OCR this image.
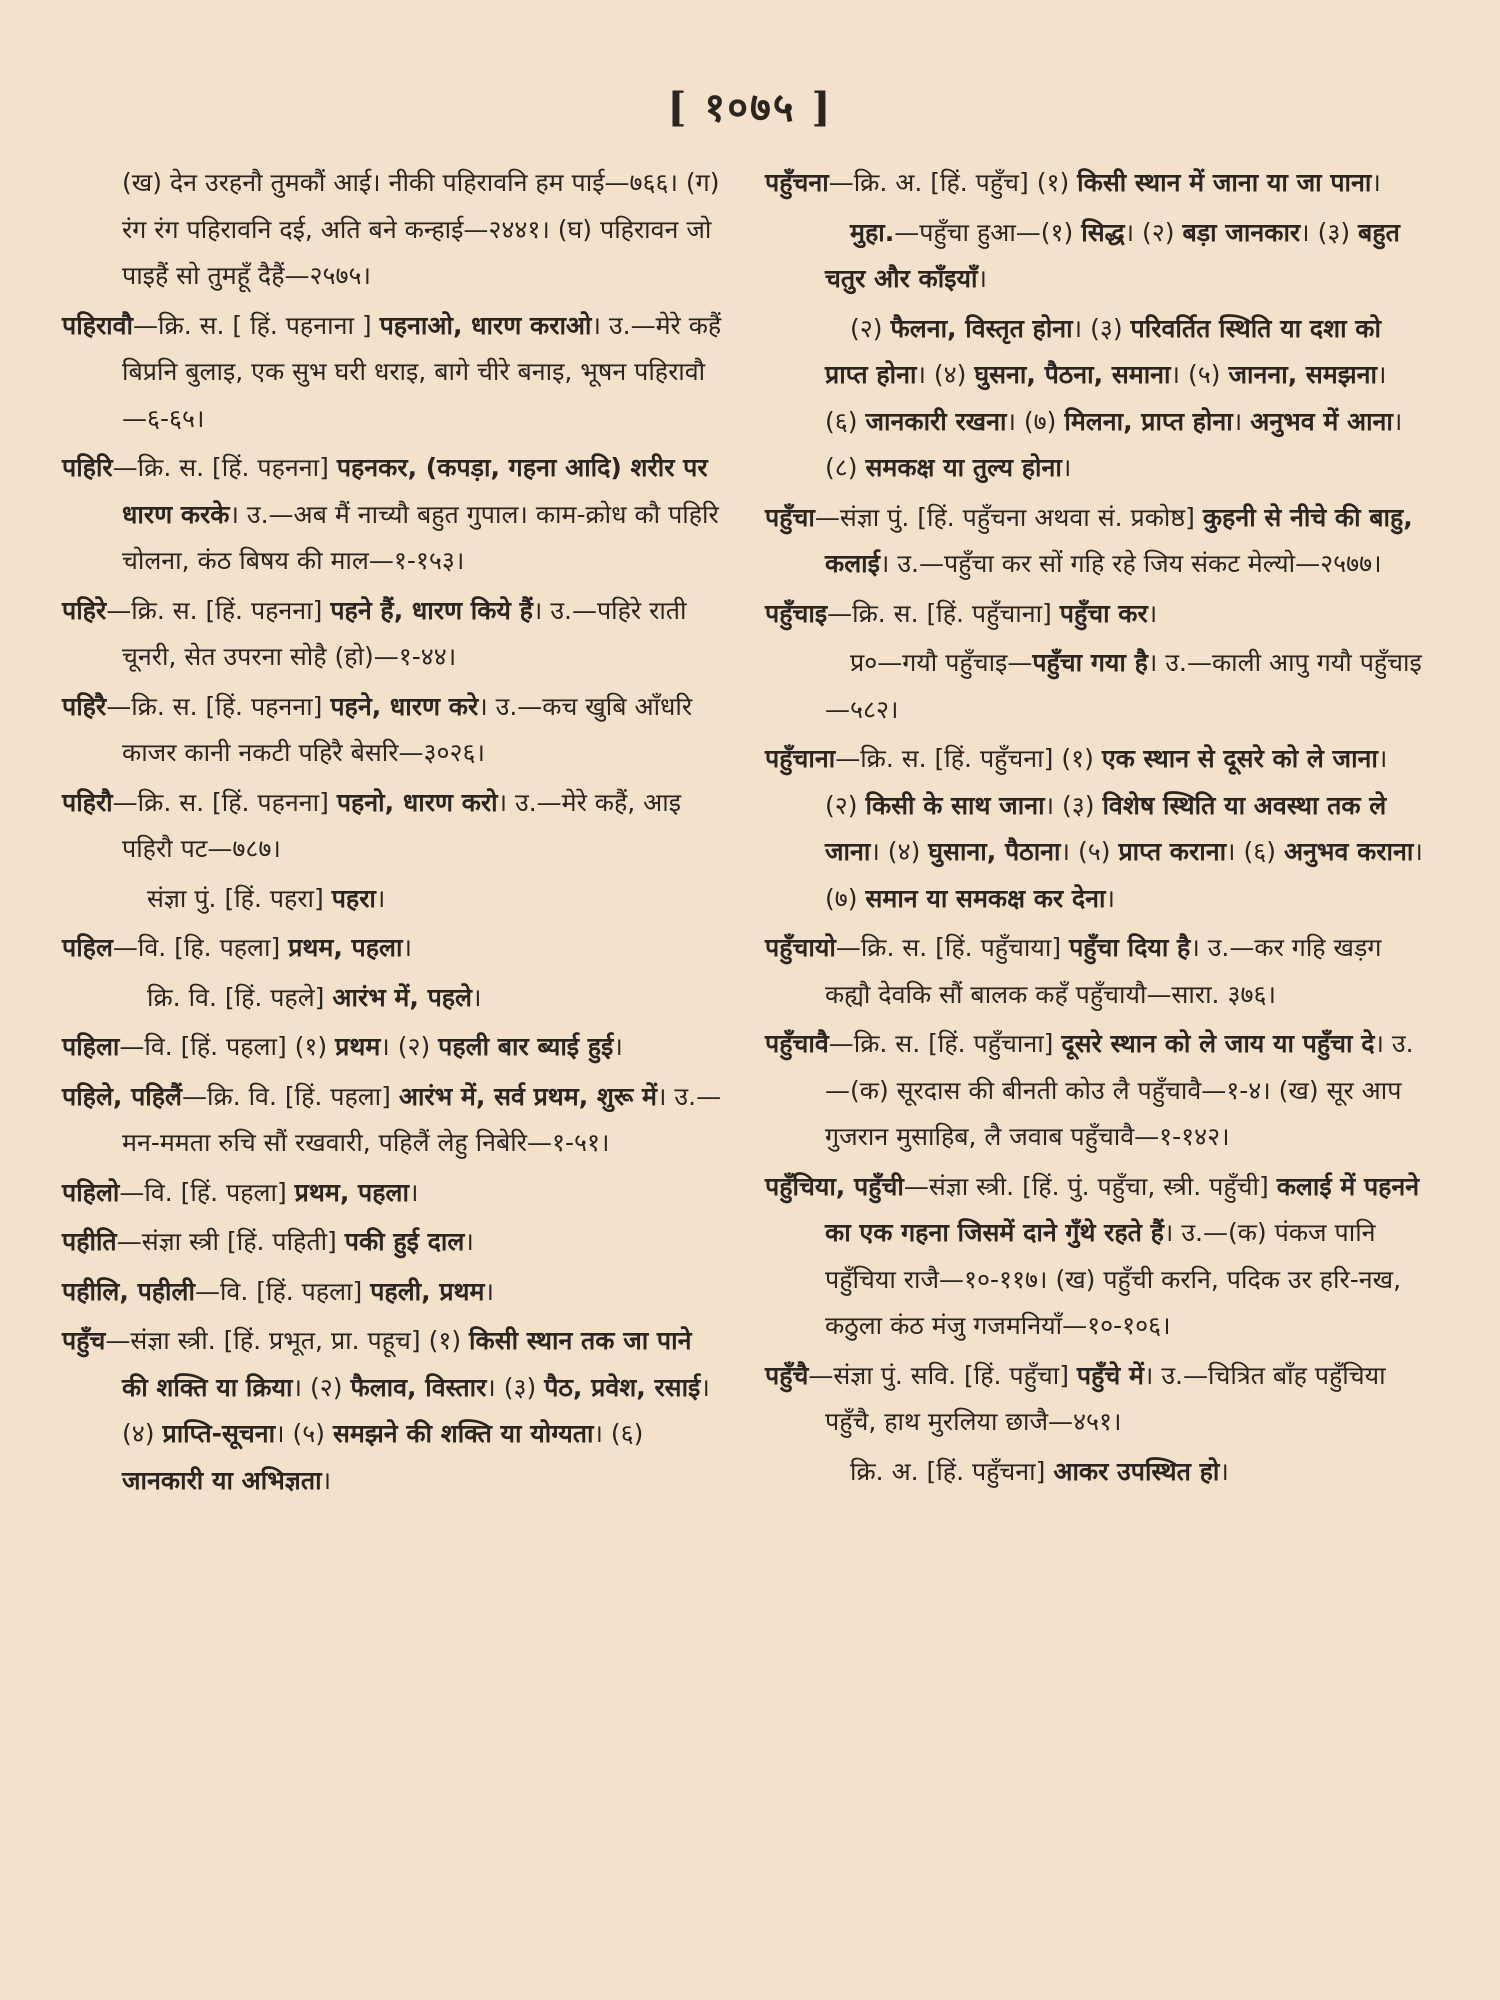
[ १०७५ ]

(ख) देन उरहनौ तुमकौं आई। नीकी पहिरावनि हम पाई—७६६। (ग) रंग रंग पहिरावनि दई, अति बने कन्हाई—२४४१। (घ) पहिरावन जो पाइहैं सो तुमहूँ दैहैं—२५७५।

पहिरावौ—क्रि. स. [ हिं. पहनाना ] पहनाओ, धारण कराओ। उ.—मेरे कहैं बिप्रनि बुलाइ, एक सुभ घरी धराइ, बागे चीरे बनाइ, भूषन पहिरावौ—६-६५।

पहिरि—क्रि. स. [हिं. पहनना] पहनकर, (कपड़ा, गहना आदि) शरीर पर धारण करके। उ.—अब मैं नाच्यौ बहुत गुपाल। काम-क्रोध कौ पहिरि चोलना, कंठ बिषय की माल—१-१५३।

पहिरे—क्रि. स. [हिं. पहनना] पहने हैं, धारण किये हैं। उ.—पहिरे राती चूनरी, सेत उपरना सोहै (हो)—१-४४।

पहिरै—क्रि. स. [हिं. पहनना] पहने, धारण करे। उ.—कच खुबि आँधरि काजर कानी नकटी पहिरै बेसरि—३०२६।

पहिरौ—क्रि. स. [हिं. पहनना] पहनो, धारण करो। उ.—मेरे कहैं, आइ पहिरौ पट—७८७।

संज्ञा पुं. [हिं. पहरा] पहरा।

पहिल—वि. [हि. पहला] प्रथम, पहला।

क्रि. वि. [हिं. पहले] आरंभ में, पहले।

पहिला—वि. [हिं. पहला] (१) प्रथम। (२) पहली बार ब्याई हुई।

पहिले, पहिलैं—क्रि. वि. [हिं. पहला] आरंभ में, सर्व प्रथम, शुरू में। उ.—मन-ममता रुचि सौं रखवारी, पहिलैं लेहु निबेरि—१-५१।

पहिलो—वि. [हिं. पहला] प्रथम, पहला।

पहीति—संज्ञा स्त्री [हिं. पहिती] पकी हुई दाल।

पहीलि, पहीली—वि. [हिं. पहला] पहली, प्रथम।

पहुँच—संज्ञा स्त्री. [हिं. प्रभूत, प्रा. पहूच] (१) किसी स्थान तक जा पाने की शक्ति या क्रिया। (२) फैलाव, विस्तार। (३) पैठ, प्रवेश, रसाई। (४) प्राप्ति-सूचना। (५) समझने की शक्ति या योग्यता। (६) जानकारी या अभिज्ञता।

पहुँचना—क्रि. अ. [हिं. पहुँच] (१) किसी स्थान में जाना या जा पाना।

मुहा.—पहुँचा हुआ—(१) सिद्ध। (२) बड़ा जानकार। (३) बहुत चतुर और काँइयाँ।

(२) फैलना, विस्तृत होना। (३) परिवर्तित स्थिति या दशा को प्राप्त होना। (४) घुसना, पैठना, समाना। (५) जानना, समझना। (६) जानकारी रखना। (७) मिलना, प्राप्त होना। अनुभव में आना। (८) समकक्ष या तुल्य होना।

पहुँचा—संज्ञा पुं. [हिं. पहुँचना अथवा सं. प्रकोष्ठ] कुहनी से नीचे की बाहु, कलाई। उ.—पहुँचा कर सों गहि रहे जिय संकट मेल्यो—२५७७।

पहुँचाइ—क्रि. स. [हिं. पहुँचाना] पहुँचा कर।

प्र०—गयौ पहुँचाइ—पहुँचा गया है। उ.—काली आपु गयौ पहुँचाइ—५८२।

पहुँचाना—क्रि. स. [हिं. पहुँचना] (१) एक स्थान से दूसरे को ले जाना। (२) किसी के साथ जाना। (३) विशेष स्थिति या अवस्था तक ले जाना। (४) घुसाना, पैठाना। (५) प्राप्त कराना। (६) अनुभव कराना। (७) समान या समकक्ष कर देना।

पहुँचायो—क्रि. स. [हिं. पहुँचाया] पहुँचा दिया है। उ.—कर गहि खड़ग कह्यौ देवकि सौं बालक कहँ पहुँचायौ—सारा. ३७६।

पहुँचावै—क्रि. स. [हिं. पहुँचाना] दूसरे स्थान को ले जाय या पहुँचा दे। उ.—(क) सूरदास की बीनती कोउ लै पहुँचावै—१-४। (ख) सूर आप गुजरान मुसाहिब, लै जवाब पहुँचावै—१-१४२।

पहुँचिया, पहुँची—संज्ञा स्त्री. [हिं. पुं. पहुँचा, स्त्री. पहुँची] कलाई में पहनने का एक गहना जिसमें दाने गुँथे रहते हैं। उ.—(क) पंकज पानि पहुँचिया राजै—१०-११७। (ख) पहुँची करनि, पदिक उर हरि-नख, कठुला कंठ मंजु गजमनियाँ—१०-१०६।

पहुँचै—संज्ञा पुं. सवि. [हिं. पहुँचा] पहुँचे में। उ.—चित्रित बाँह पहुँचिया पहुँचै, हाथ मुरलिया छाजै—४५१।

क्रि. अ. [हिं. पहुँचना] आकर उपस्थित हो।
